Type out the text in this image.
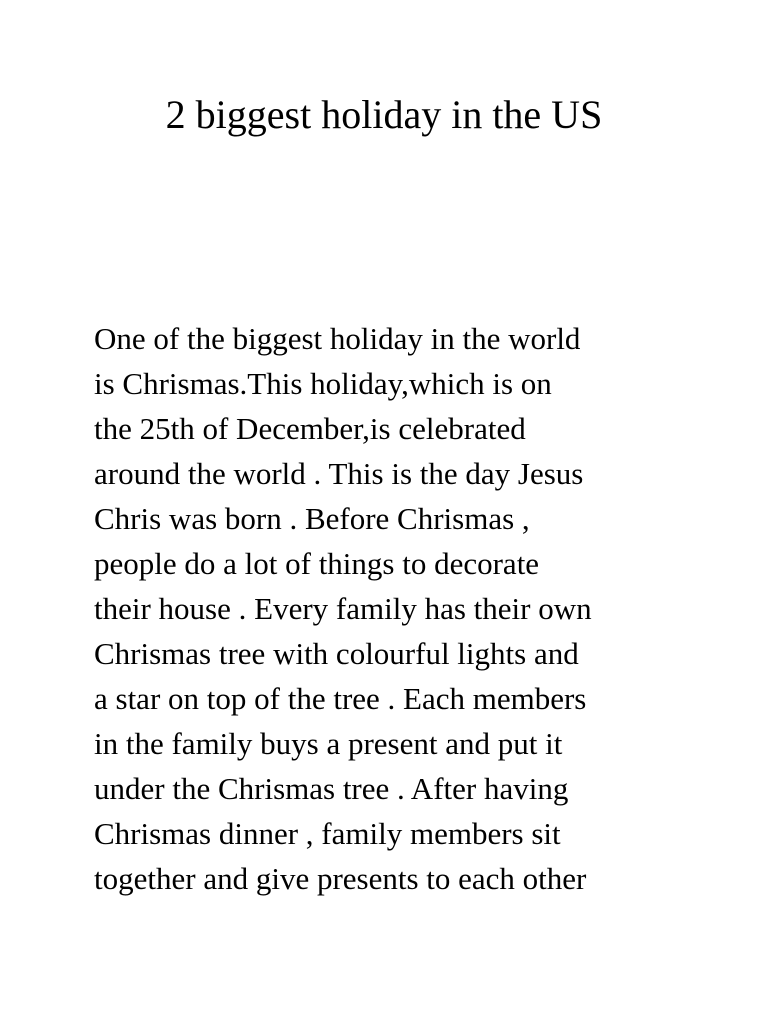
2 biggest holiday in the US
One of the biggest holiday in the world
is Chrismas.This holiday,which is on
the 25th of December,is celebrated
around the world . This is the day Jesus
Chris was born . Before Chrismas ,
people do a lot of things to decorate
their house . Every family has their own
Chrismas tree with colourful lights and
a star on top of the tree . Each members
in the family buys a present and put it
under the Chrismas tree . After having
Chrismas dinner , family members sit
together and give presents to each other
